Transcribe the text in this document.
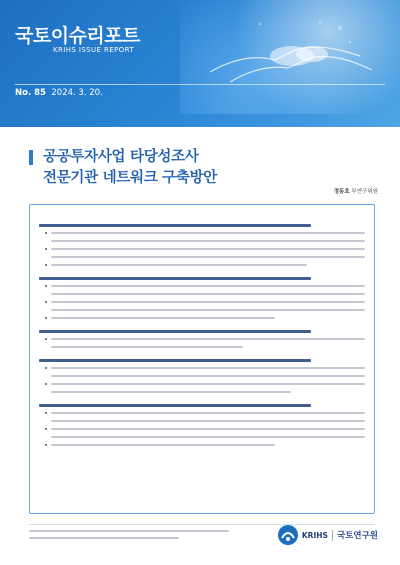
국토이슈리포트
KRIHS ISSUE REPORT
No. 85 2024. 3. 20.
공공투자사업 타당성조사
전문기관 네트워크 구축방안
정동호 부연구위원
KRIHS 국토연구원
